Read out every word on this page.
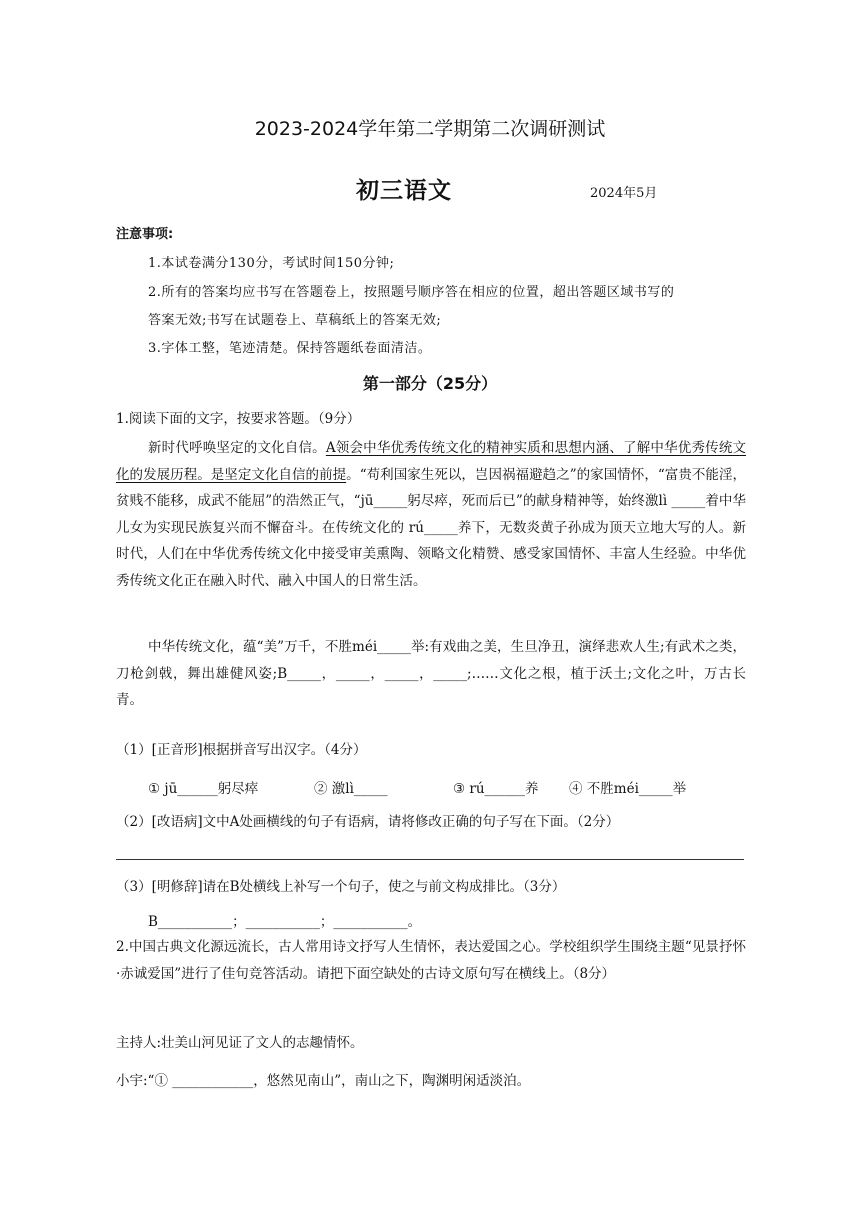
2023-2024学年第二学期第二次调研测试
初三语文	2024年5月
注意事项:
1.本试卷满分130分，考试时间150分钟;
2.所有的答案均应书写在答题卷上，按照题号顺序答在相应的位置，超出答题区域书写的
答案无效;书写在试题卷上、草稿纸上的答案无效;
3.字体工整，笔迹清楚。保持答题纸卷面清洁。
第一部分（25分）
1.阅读下面的文字，按要求答题。（9分）
新时代呼唤坚定的文化自信。A领会中华优秀传统文化的精神实质和思想内涵、了解中华优秀传统文化的发展历程。是坚定文化自信的前提。“苟利国家生死以，岂因祸福避趋之”的家国情怀，“富贵不能淫，贫贱不能移，成武不能屈”的浩然正气，“jū_____躬尽瘁，死而后已”的献身精神等，始终激lì _____着中华儿女为实现民族复兴而不懈奋斗。在传统文化的 rú_____养下，无数炎黄子孙成为顶天立地大写的人。新时代，人们在中华优秀传统文化中接受审美熏陶、领略文化精赞、感受家国情怀、丰富人生经验。中华优秀传统文化正在融入时代、融入中国人的日常生活。
中华传统文化，蕴“美”万千，不胜méi_____举:有戏曲之美，生旦净丑，演绎悲欢人生;有武术之类，刀枪剑戟，舞出雄健风姿;B_____，_____，_____，_____;……文化之根，植于沃土;文化之叶，万古长青。
（1）[正音形]根据拼音写出汉字。（4分）
① jū______躬尽瘁	② 激lì_____	③ rú______养 ④ 不胜méi_____举
（2）[改语病]文中A处画横线的句子有语病，请将修改正确的句子写在下面。（2分）
（3）[明修辞]请在B处横线上补写一个句子，使之与前文构成排比。（3分）
B___________；___________；___________。
2.中国古典文化源远流长，古人常用诗文抒写人生情怀，表达爱国之心。学校组织学生围绕主题“见景抒怀·赤诚爱国”进行了佳句竞答活动。请把下面空缺处的古诗文原句写在横线上。（8分）
主持人:壮美山河见证了文人的志趣情怀。
小宇:“① ____________，悠然见南山”，南山之下，陶渊明闲适淡泊。
